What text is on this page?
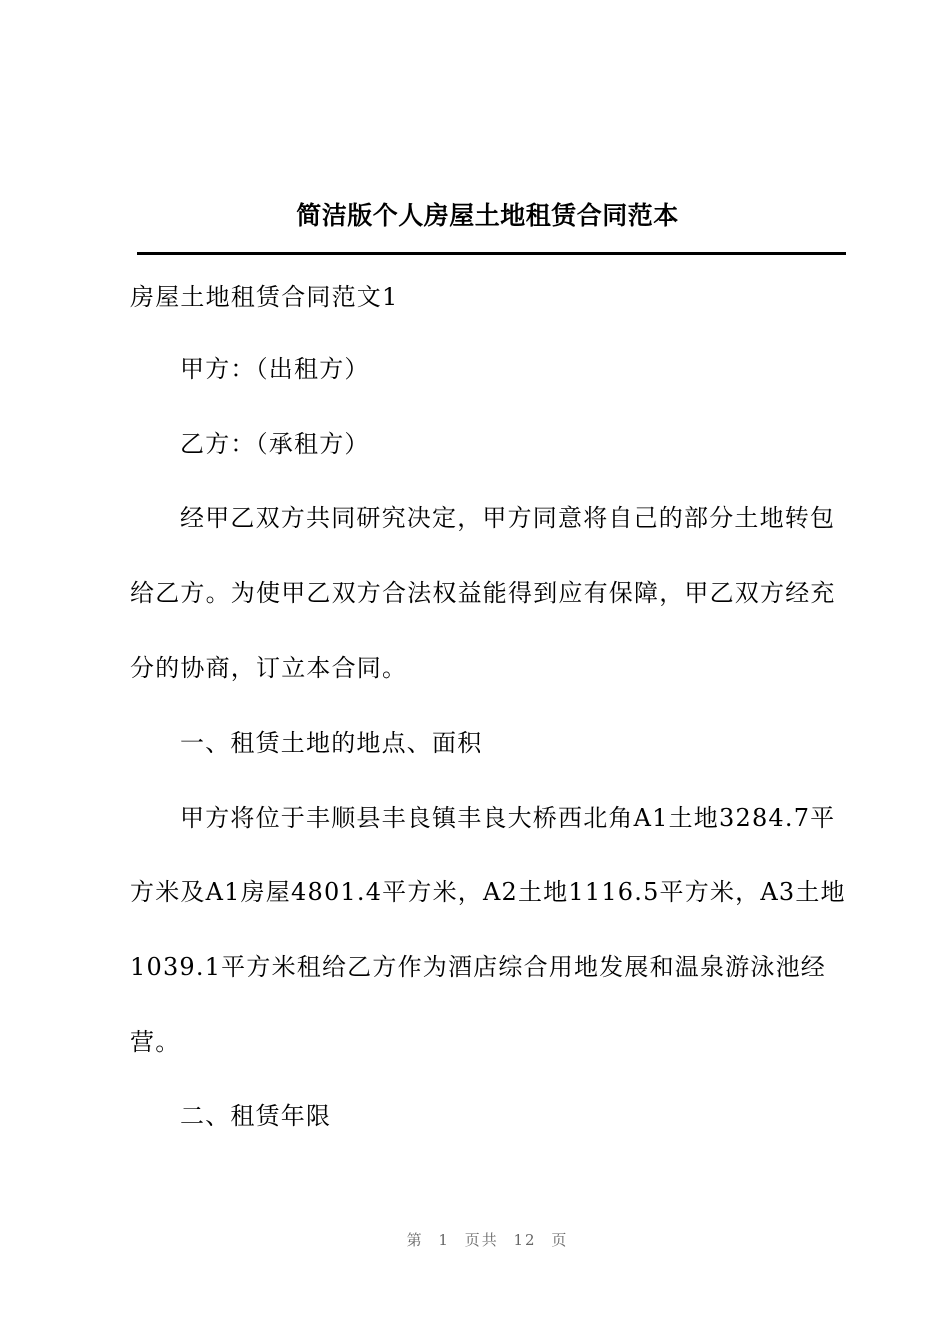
简洁版个人房屋土地租赁合同范本
房屋土地租赁合同范文1
甲方：（出租方）
乙方：（承租方）
经甲乙双方共同研究决定，甲方同意将自己的部分土地转包
给乙方。为使甲乙双方合法权益能得到应有保障，甲乙双方经充
分的协商，订立本合同。
一、租赁土地的地点、面积
甲方将位于丰顺县丰良镇丰良大桥西北角A1土地3284.7平
方米及A1房屋4801.4平方米，A2土地1116.5平方米，A3土地
1039.1平方米租给乙方作为酒店综合用地发展和温泉游泳池经
营。
二、租赁年限
第 1 页共 12 页
